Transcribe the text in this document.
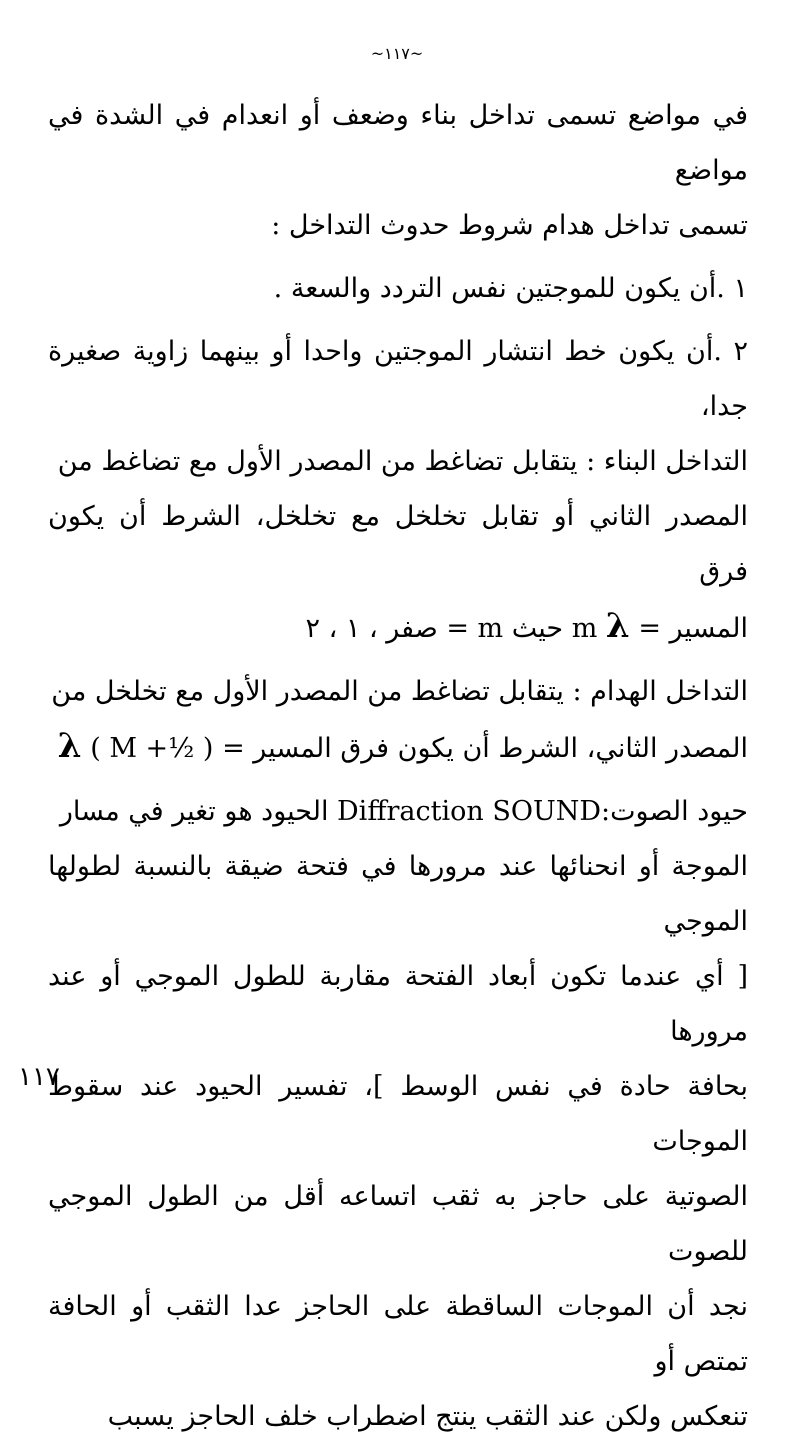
~١١٧~

في مواضع تسمى تداخل بناء وضعف أو انعدام في الشدة في مواضع
تسمى تداخل هدام شروط حدوث التداخل :

١ .أن يكون للموجتين نفس التردد والسعة .

٢ .أن يكون خط انتشار الموجتين واحدا أو بينهما زاوية صغيرة جدا،
التداخل البناء : يتقابل تضاغط من المصدر الأول مع تضاغط من
المصدر الثاني أو تقابل تخلخل مع تخلخل، الشرط أن يكون فرق
المسير = m λ حيث m = صفر ، ١ ، ٢

التداخل الهدام : يتقابل تضاغط من المصدر الأول مع تخلخل من
المصدر الثاني، الشرط أن يكون فرق المسير = ( M +½ ) λ

حيود الصوت:Diffraction SOUND الحيود هو تغير في مسار
الموجة أو انحنائها عند مرورها في فتحة ضيقة بالنسبة لطولها الموجي
[ أي عندما تكون أبعاد الفتحة مقاربة للطول الموجي أو عند مرورها
بحافة حادة في نفس الوسط ]، تفسير الحيود عند سقوط الموجات
الصوتية على حاجز به ثقب اتساعه أقل من الطول الموجي للصوت
نجد أن الموجات الساقطة على الحاجز عدا الثقب أو الحافة تمتص أو
تنعكس ولكن عند الثقب ينتج اضطراب خلف الحاجز يسبب

١١٧
